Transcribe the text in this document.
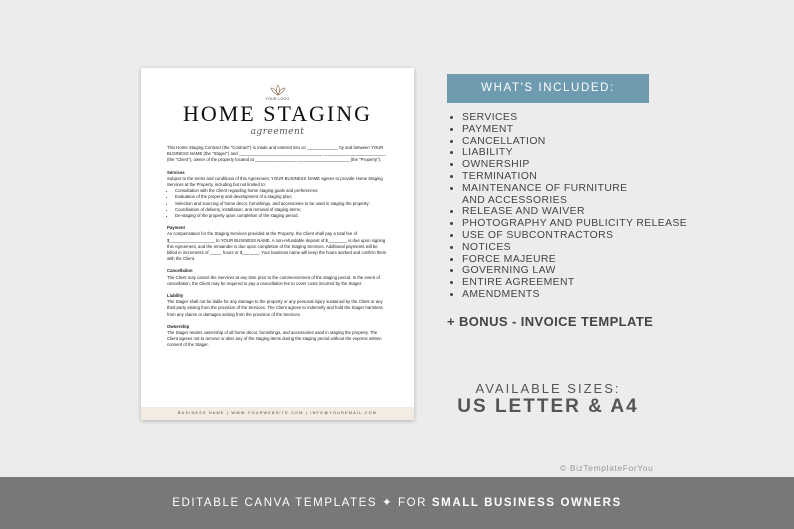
YOUR LOGO
HOME STAGING
agreement

This Home Staging Contract (the "Contract") is made and entered into on _____________ by and between YOUR BUSINESS NAME (the "Stager") and ___________________________________ __________________________ (the "Client"), owner of the property located at _________________ ______________________ (the "Property").

Services

Subject to the terms and conditions of this Agreement, YOUR BUSINESS NAME agrees to provide Home Staging Services at the Property, including but not limited to:

• Consultation with the Client regarding home staging goals and preferences;
• Evaluation of the property and development of a staging plan;
• Selection and sourcing of home decor, furnishings, and accessories to be used in staging the property;
• Coordination of delivery, installation, and removal of staging items;
• De-staging of the property upon completion of the staging period.

Payment

As compensation for the Staging Services provided at the Property, the Client shall pay a total fee of $___________________ to YOUR BUSINESS NAME. A non-refundable deposit of $________ is due upon signing this Agreement, and the remainder is due upon completion of the Staging Services. Additional payments will be billed in increments of _____ hours or $_______. Your business name will keep the hours worked and confirm them with the Client.

Cancellation

The Client may cancel the Services at any time prior to the commencement of the staging period. In the event of cancellation, the Client may be required to pay a cancellation fee to cover costs incurred by the Stager.

Liability

The Stager shall not be liable for any damage to the property or any personal injury sustained by the Client or any third party arising from the provision of the Services. The Client agrees to indemnify and hold the Stager harmless from any claims or damages arising from the provision of the Services.

Ownership

The Stager retains ownership of all home decor, furnishings, and accessories used in staging the property. The Client agrees not to remove or alter any of the staging items during the staging period without the express written consent of the Stager.

BUSINESS NAME | WWW.YOURWEBSITE.COM | INFO@YOUREMAIL.COM
WHAT'S INCLUDED:
• SERVICES
• PAYMENT
• CANCELLATION
• LIABILITY
• OWNERSHIP
• TERMINATION
• MAINTENANCE OF FURNITURE AND ACCESSORIES
• RELEASE AND WAIVER
• PHOTOGRAPHY AND PUBLICITY RELEASE
• USE OF SUBCONTRACTORS
• NOTICES
• FORCE MAJEURE
• GOVERNING LAW
• ENTIRE AGREEMENT
• AMENDMENTS
+ BONUS - INVOICE TEMPLATE
AVAILABLE SIZES:
US LETTER & A4
© BizTemplateForYou
EDITABLE CANVA TEMPLATES ✦ FOR SMALL BUSINESS OWNERS
